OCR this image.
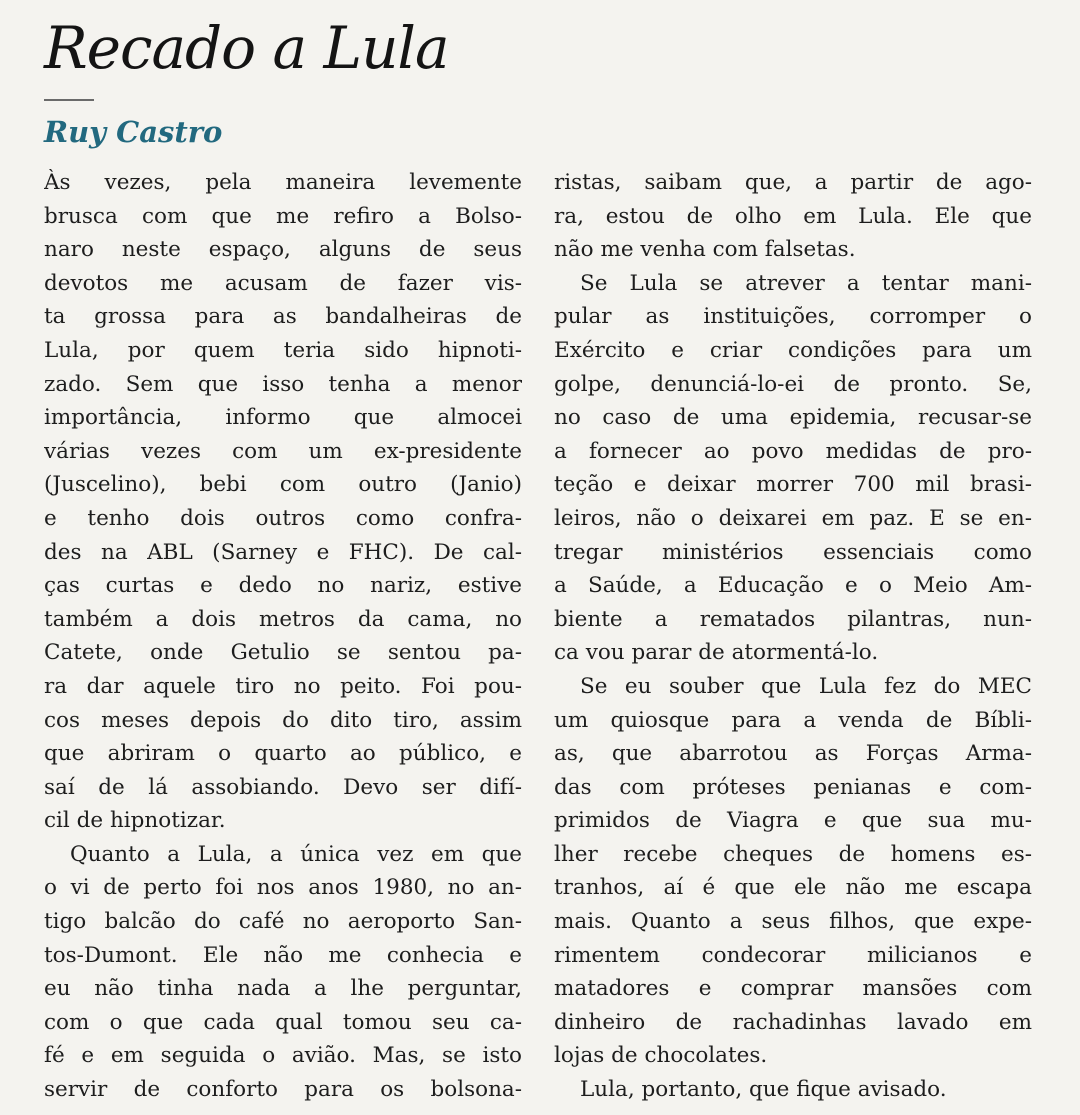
Recado a Lula
Ruy Castro
Às vezes, pela maneira levemente
brusca com que me refiro a Bolso-
naro neste espaço, alguns de seus
devotos me acusam de fazer vis-
ta grossa para as bandalheiras de
Lula, por quem teria sido hipnoti-
zado. Sem que isso tenha a menor
importância, informo que almocei
várias vezes com um ex-presidente
(Juscelino), bebi com outro (Janio)
e tenho dois outros como confra-
des na ABL (Sarney e FHC). De cal-
ças curtas e dedo no nariz, estive
também a dois metros da cama, no
Catete, onde Getulio se sentou pa-
ra dar aquele tiro no peito. Foi pou-
cos meses depois do dito tiro, assim
que abriram o quarto ao público, e
saí de lá assobiando. Devo ser difí-
cil de hipnotizar.
Quanto a Lula, a única vez em que
o vi de perto foi nos anos 1980, no an-
tigo balcão do café no aeroporto San-
tos-Dumont. Ele não me conhecia e
eu não tinha nada a lhe perguntar,
com o que cada qual tomou seu ca-
fé e em seguida o avião. Mas, se isto
servir de conforto para os bolsona-
ristas, saibam que, a partir de ago-
ra, estou de olho em Lula. Ele que
não me venha com falsetas.
Se Lula se atrever a tentar mani-
pular as instituições, corromper o
Exército e criar condições para um
golpe, denunciá-lo-ei de pronto. Se,
no caso de uma epidemia, recusar-se
a fornecer ao povo medidas de pro-
teção e deixar morrer 700 mil brasi-
leiros, não o deixarei em paz. E se en-
tregar ministérios essenciais como
a Saúde, a Educação e o Meio Am-
biente a rematados pilantras, nun-
ca vou parar de atormentá-lo.
Se eu souber que Lula fez do MEC
um quiosque para a venda de Bíbli-
as, que abarrotou as Forças Arma-
das com próteses penianas e com-
primidos de Viagra e que sua mu-
lher recebe cheques de homens es-
tranhos, aí é que ele não me escapa
mais. Quanto a seus filhos, que expe-
rimentem condecorar milicianos e
matadores e comprar mansões com
dinheiro de rachadinhas lavado em
lojas de chocolates.
Lula, portanto, que fique avisado.
